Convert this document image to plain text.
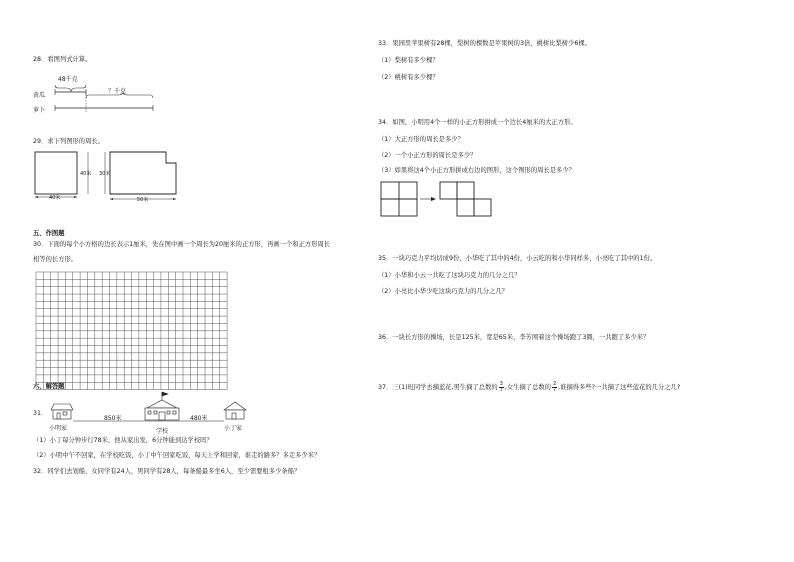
28．看图列式计算。
48千克
黄瓜
？千克
萝卜
29．求下列图形的周长。
40米
40米 30米
50米
五、作图题
30．下面的每个小方格的边长表示1厘米，先在图中画一个周长为20厘米的正方形，再画一个和正方形周长
相等的长方形。
六、解答题
31．
小明家
850米
学校
480米
小丁家
（1）小丁每分钟步行78米，他从家出发，6分钟能到达学校吗？
（2）小明中午不回家，在学校吃饭，小丁中午回家吃饭，每天上学和回家，谁走的路多？多走多少米？
32．同学们去划船，女同学有24人，男同学有28人，每条船最多坐6人，至少需要租多少条船？
33．果园里苹果树有28棵，梨树的棵数是苹果树的3倍，桃树比梨树少6棵。
（1）梨树有多少棵？
（2）桃树有多少棵？
34．如图，小明用4个一样的小正方形拼成一个边长4厘米的大正方形。
（1）大正方形的周长是多少？
（2）一个小正方形的周长是多少？
（3）如果将这4个小正方形拼成右边的图形，这个图形的周长是多少？
35．一块巧克力平均切成9份，小华吃了其中的4份，小云吃的和小华同样多，小亮吃了其中的1份。
（1）小华和小云一共吃了这块巧克力的几分之几？
（2）小亮比小华少吃这块巧克力的几分之几？
36．一块长方形的操场，长是125米，宽是65米，李芳围着这个操场跑了3圈，一共跑了多少米？
37．三(1)班同学去摘蓝花,男生摘了总数的 3
7 ,女生摘了总数的 2
7 ,谁摘得多些?一共摘了这些蓝花的几分之几?
